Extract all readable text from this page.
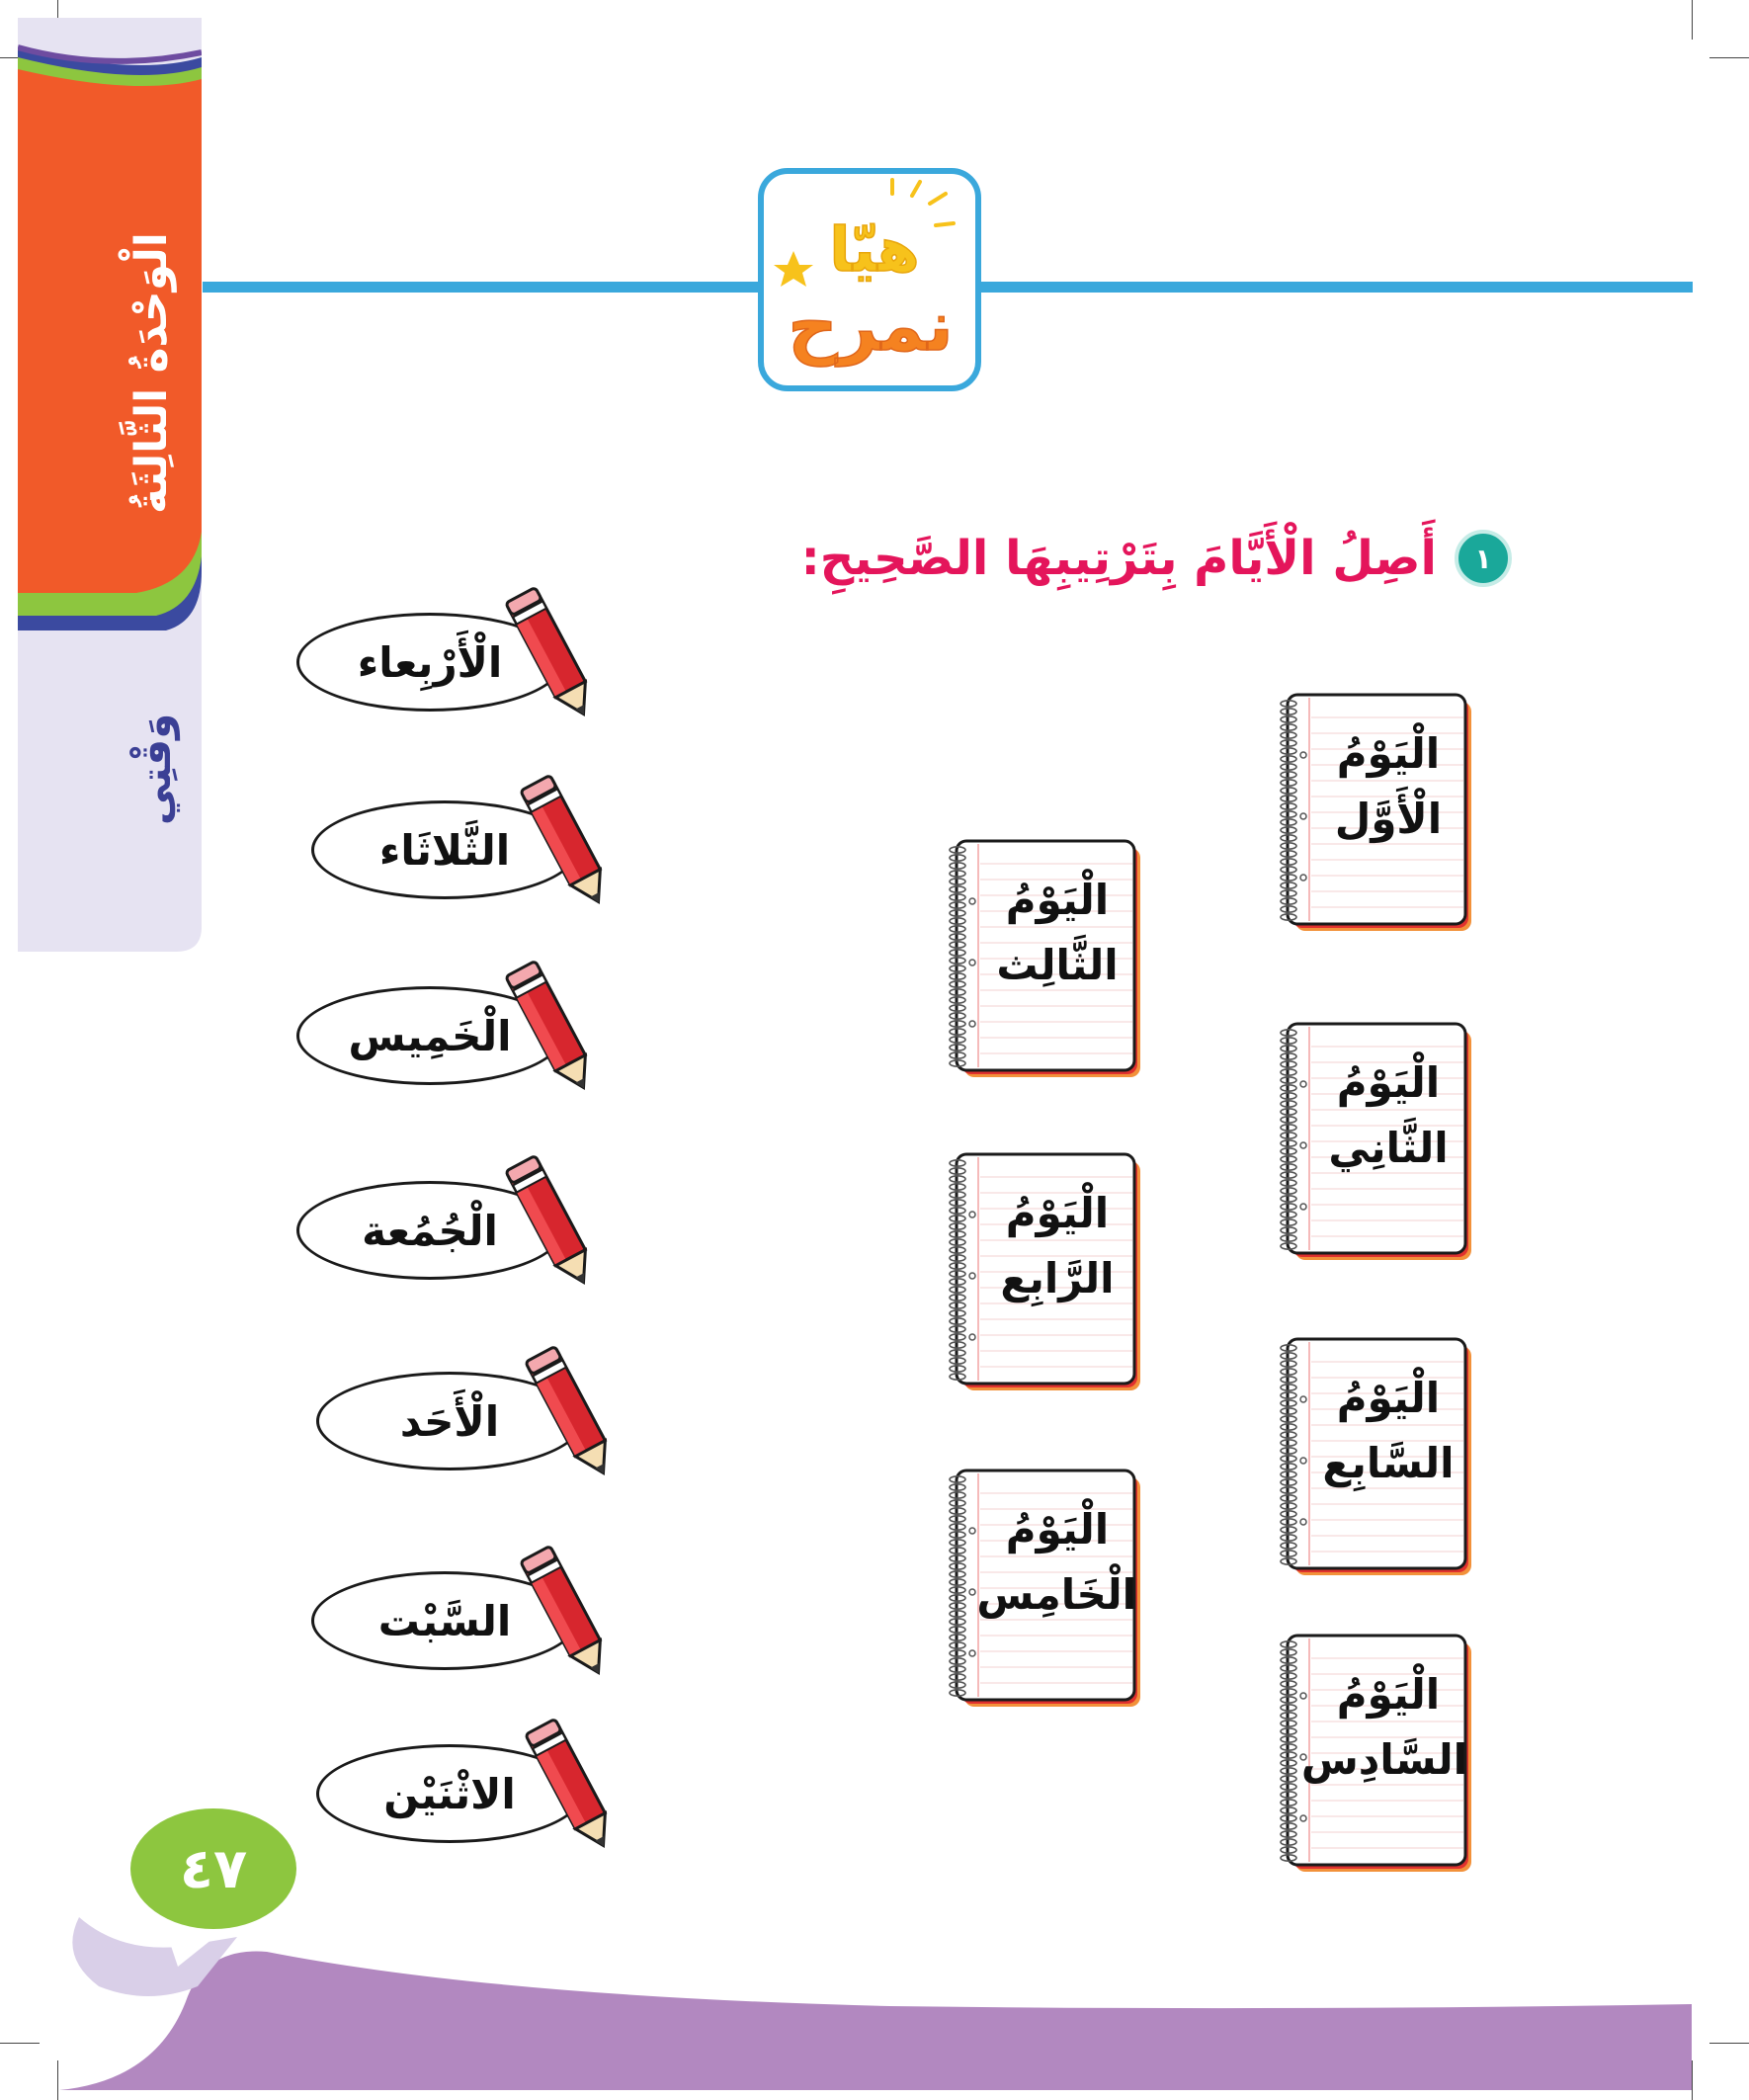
الْوَحْدَةُ الثَّالِثَةُ
وَقْتِي
هيّا
نمرح
١
أَصِلُ الْأَيَّامَ بِتَرْتِيبِهَا الصَّحِيحِ:
الْأَرْبِعاء
الثَّلاثَاء
الْخَمِيس
الْجُمُعة
الْأَحَد
السَّبْت
الاثْنَيْن
الْيَوْمُ
الْأَوَّل
الْيَوْمُ
الثَّانِي
الْيَوْمُ
السَّابِع
الْيَوْمُ
السَّادِس
الْيَوْمُ
الثَّالِث
الْيَوْمُ
الرَّابِع
الْيَوْمُ
الْخَامِس
٤٧
